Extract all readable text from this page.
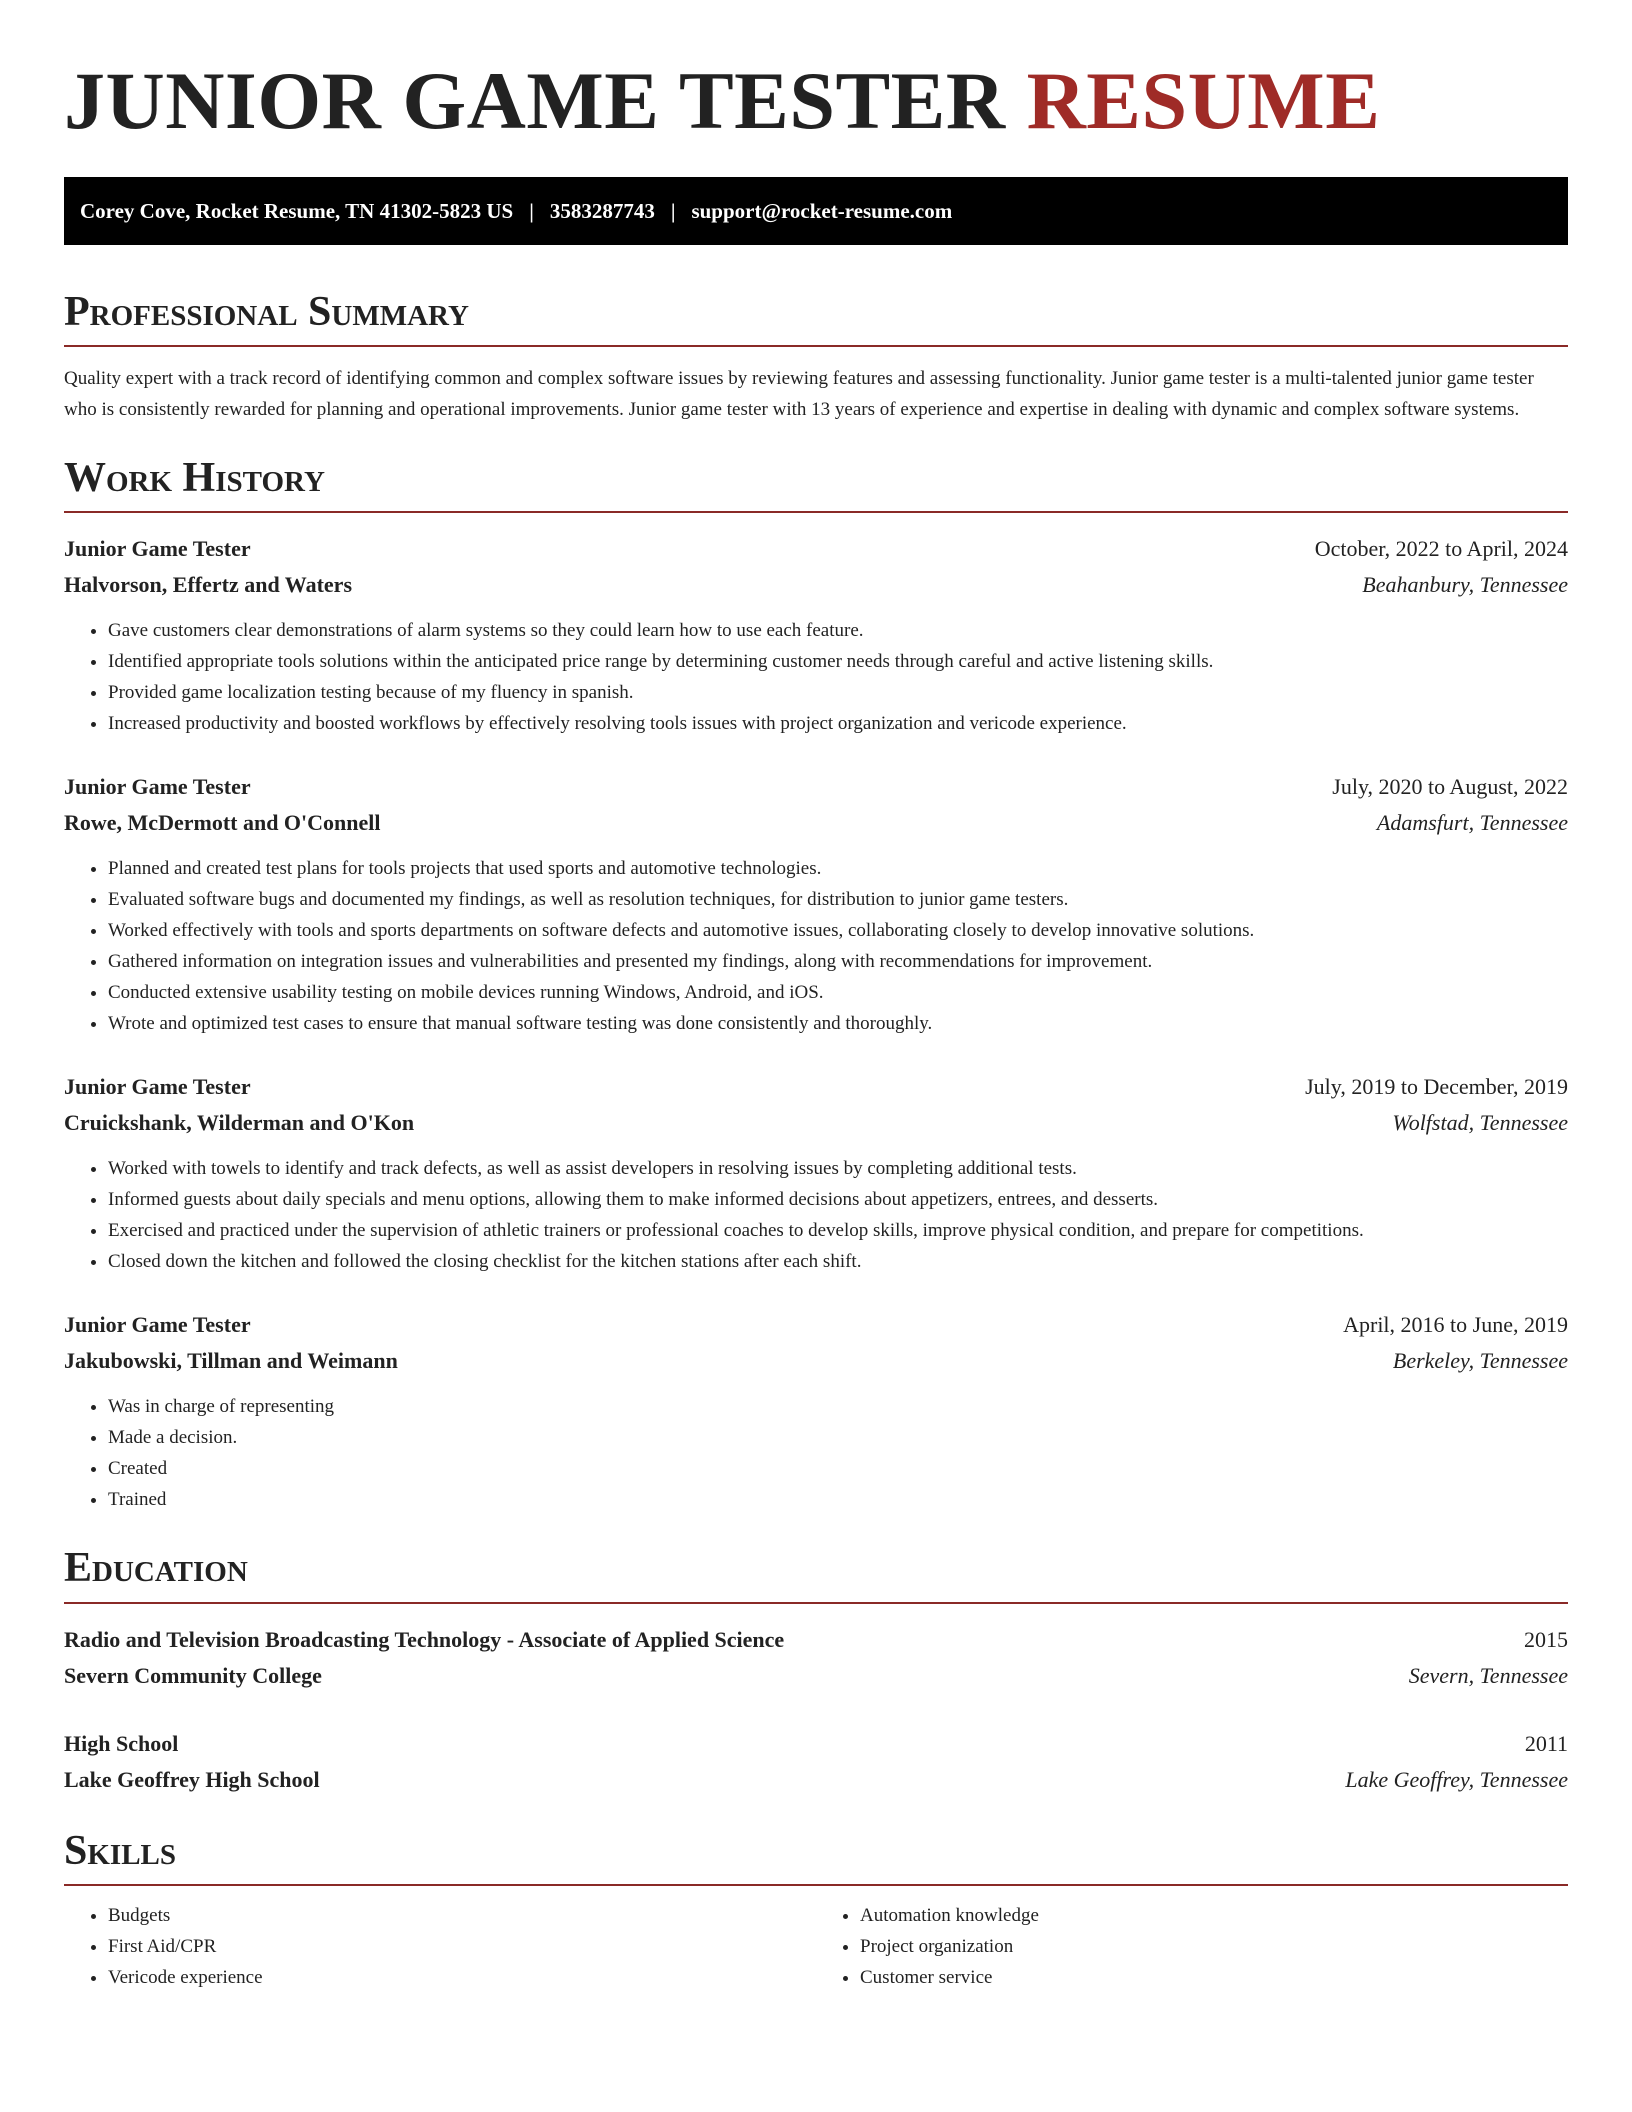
JUNIOR GAME TESTER RESUME
Corey Cove, Rocket Resume, TN 41302-5823 US | 3583287743 | support@rocket-resume.com
Professional Summary

Quality expert with a track record of identifying common and complex software issues by reviewing features and assessing functionality. Junior game tester is a multi-talented junior game tester who is consistently rewarded for planning and operational improvements. Junior game tester with 13 years of experience and expertise in dealing with dynamic and complex software systems.

Work History
Junior Game Tester	October, 2022 to April, 2024
Halvorson, Effertz and Waters	Beahanbury, Tennessee
• Gave customers clear demonstrations of alarm systems so they could learn how to use each feature.
• Identified appropriate tools solutions within the anticipated price range by determining customer needs through careful and active listening skills.
• Provided game localization testing because of my fluency in spanish.
• Increased productivity and boosted workflows by effectively resolving tools issues with project organization and vericode experience.
Junior Game Tester	July, 2020 to August, 2022
Rowe, McDermott and O'Connell	Adamsfurt, Tennessee
• Planned and created test plans for tools projects that used sports and automotive technologies.
• Evaluated software bugs and documented my findings, as well as resolution techniques, for distribution to junior game testers.
• Worked effectively with tools and sports departments on software defects and automotive issues, collaborating closely to develop innovative solutions.
• Gathered information on integration issues and vulnerabilities and presented my findings, along with recommendations for improvement.
• Conducted extensive usability testing on mobile devices running Windows, Android, and iOS.
• Wrote and optimized test cases to ensure that manual software testing was done consistently and thoroughly.
Junior Game Tester	July, 2019 to December, 2019
Cruickshank, Wilderman and O'Kon	Wolfstad, Tennessee
• Worked with towels to identify and track defects, as well as assist developers in resolving issues by completing additional tests.
• Informed guests about daily specials and menu options, allowing them to make informed decisions about appetizers, entrees, and desserts.
• Exercised and practiced under the supervision of athletic trainers or professional coaches to develop skills, improve physical condition, and prepare for competitions.
• Closed down the kitchen and followed the closing checklist for the kitchen stations after each shift.
Junior Game Tester	April, 2016 to June, 2019
Jakubowski, Tillman and Weimann	Berkeley, Tennessee
• Was in charge of representing
• Made a decision.
• Created
• Trained
Education
Radio and Television Broadcasting Technology - Associate of Applied Science	2015
Severn Community College	Severn, Tennessee
High School	2011
Lake Geoffrey High School	Lake Geoffrey, Tennessee
Skills
• Budgets
• First Aid/CPR
• Vericode experience
• Automation knowledge
• Project organization
• Customer service
